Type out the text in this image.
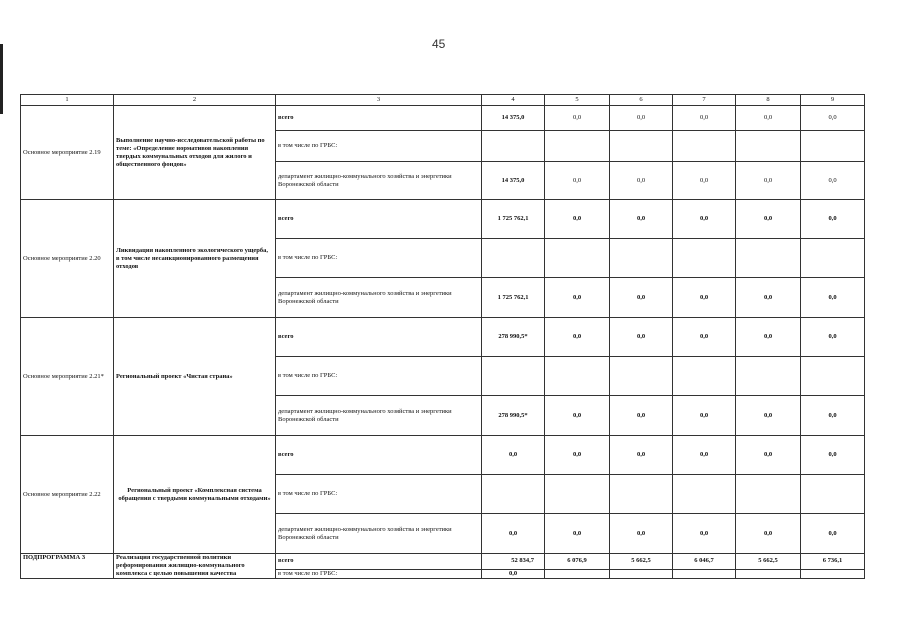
45
1	2	3	4	5	6	7	8	9
Основное мероприятие 2.19	Выполнение научно-исследовательской работы по теме: «Определение нормативов накопления твердых коммунальных отходов для жилого и общественного фондов»	всего	14 375,0	0,0	0,0	0,0	0,0	0,0
		в том числе по ГРБС:						
		департамент жилищно-коммунального хозяйства и энергетики Воронежской области	14 375,0	0,0	0,0	0,0	0,0	0,0
Основное мероприятие 2.20	Ликвидация накопленного экологического ущерба, в том числе несанкционированного размещения отходов	всего	1 725 762,1	0,0	0,0	0,0	0,0	0,0
		в том числе по ГРБС:						
		департамент жилищно-коммунального хозяйства и энергетики Воронежской области	1 725 762,1	0,0	0,0	0,0	0,0	0,0
Основное мероприятие 2.21*	Региональный проект «Чистая страна»	всего	278 990,5*	0,0	0,0	0,0	0,0	0,0
		в том числе по ГРБС:						
		департамент жилищно-коммунального хозяйства и энергетики Воронежской области	278 990,5*	0,0	0,0	0,0	0,0	0,0
Основное мероприятие 2.22	Региональный проект «Комплексная система обращения с твердыми коммунальными отходами»	всего	0,0	0,0	0,0	0,0	0,0	0,0
		в том числе по ГРБС:						
		департамент жилищно-коммунального хозяйства и энергетики Воронежской области	0,0	0,0	0,0	0,0	0,0	0,0
ПОДПРОГРАММА 3	Реализация государственной политики реформирования жилищно-коммунального комплекса с целью повышения качества	всего	52 834,7	6 076,9	5 662,5	6 046,7	5 662,5	6 736,1
		в том числе по ГРБС:	0,0					
